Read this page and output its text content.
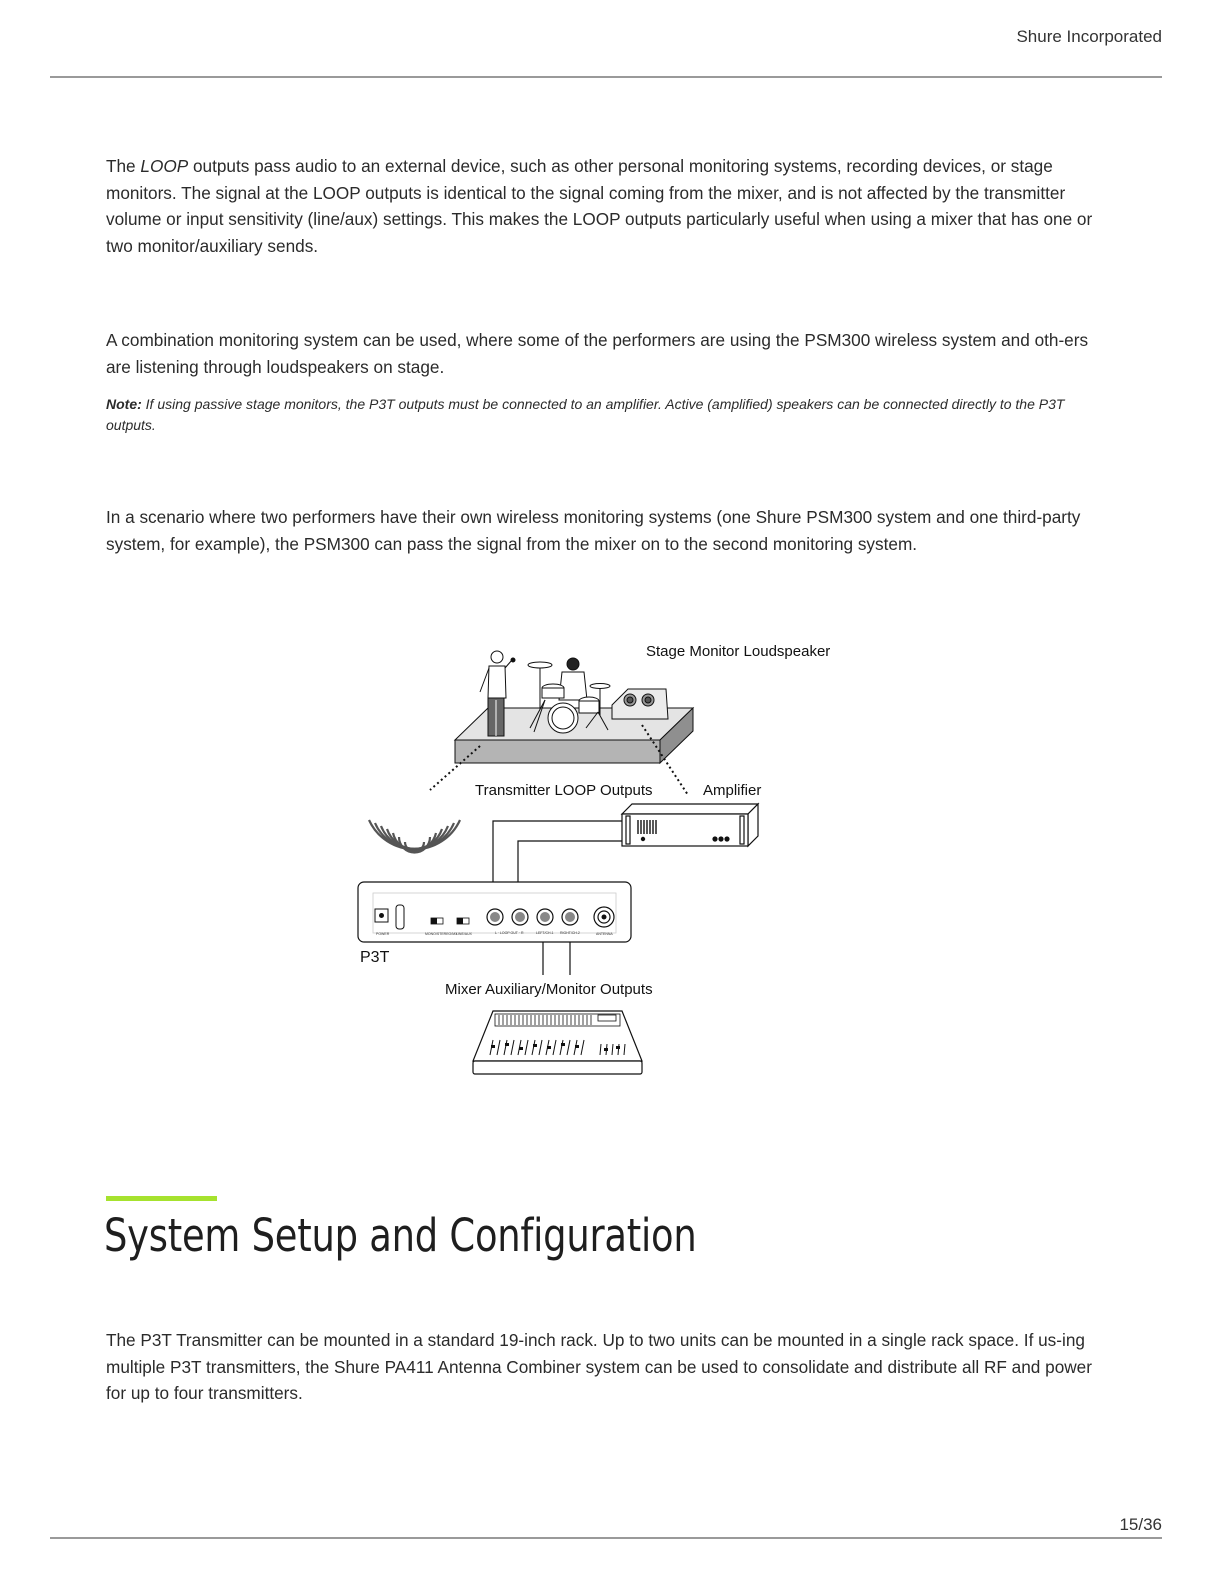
Shure Incorporated

The LOOP outputs pass audio to an external device, such as other personal monitoring systems, recording devices, or stage monitors. The signal at the LOOP outputs is identical to the signal coming from the mixer, and is not affected by the transmitter volume or input sensitivity (line/aux) settings. This makes the LOOP outputs particularly useful when using a mixer that has one or two monitor/auxiliary sends.

A combination monitoring system can be used, where some of the performers are using the PSM300 wireless system and oth-ers are listening through loudspeakers on stage.

Note: If using passive stage monitors, the P3T outputs must be connected to an amplifier. Active (amplified) speakers can be connected directly to the P3T outputs.

In a scenario where two performers have their own wireless monitoring systems (one Shure PSM300 system and one third-party system, for example), the PSM300 can pass the signal from the mixer on to the second monitoring system.

Stage Monitor Loudspeaker
Transmitter LOOP Outputs	Amplifier
P3T
Mixer Auxiliary/Monitor Outputs
POWER	MONO/STEREO/MX
LINE/AUX	L · LOOP OUT · R	LEFT/CH.1 RIGHT/CH.2	ANTENNA
System Setup and Configuration

The P3T Transmitter can be mounted in a standard 19-inch rack. Up to two units can be mounted in a single rack space. If us-ing multiple P3T transmitters, the Shure PA411 Antenna Combiner system can be used to consolidate and distribute all RF and power for up to four transmitters.

15/36
